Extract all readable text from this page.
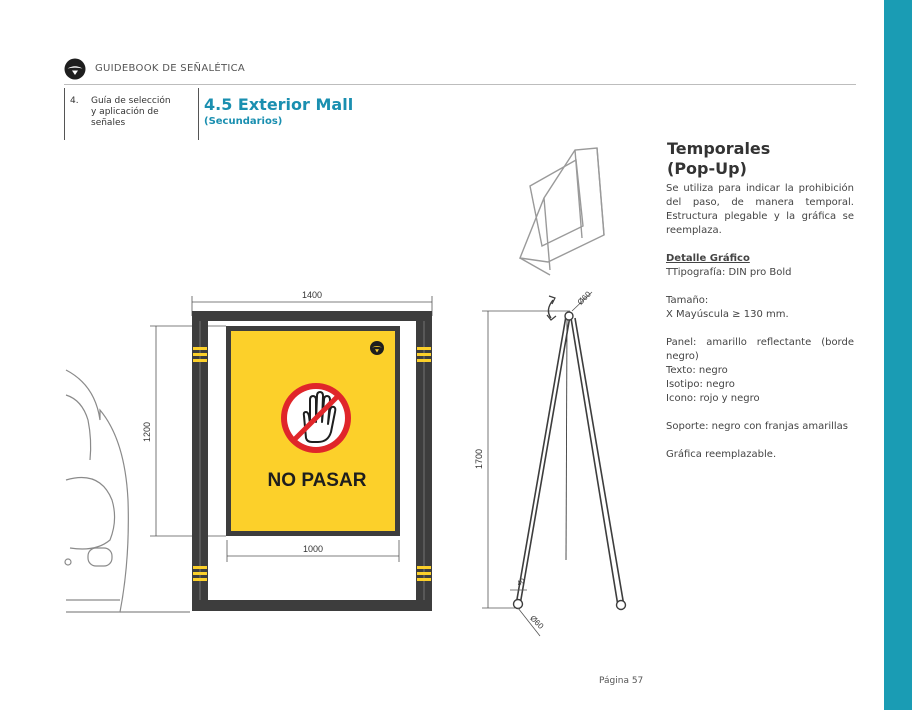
GUIDEBOOK DE SEÑALÉTICA
4. Guía de selección
y aplicación de
señales
4.5 Exterior Mall
(Secundarios)
Temporales
(Pop-Up)
Se utiliza para indicar la prohibición del paso, de manera temporal. Estructura plegable y la gráfica se reemplaza.
Detalle Gráfico
TTipografía: DIN pro Bold
Tamaño:
X Mayúscula ≥ 130 mm.
Panel: amarillo reflectante (borde negro)
Texto: negro
Isotipo: negro
Icono: rojo y negro
Soporte: negro con franjas amarillas
Gráfica reemplazable.
1400
1200
1000
NO PASAR
1700
Ø60
Ø60
40
Página 57
